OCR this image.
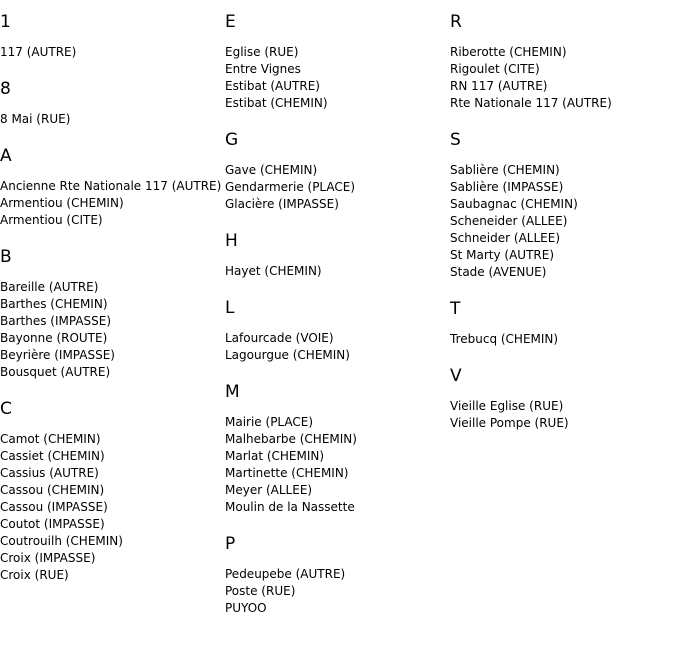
1
117 (AUTRE)
8
8 Mai (RUE)
A
Ancienne Rte Nationale 117 (AUTRE)
Armentiou (CHEMIN)
Armentiou (CITE)
B
Bareille (AUTRE)
Barthes (CHEMIN)
Barthes (IMPASSE)
Bayonne (ROUTE)
Beyrière (IMPASSE)
Bousquet (AUTRE)
C
Camot (CHEMIN)
Cassiet (CHEMIN)
Cassius (AUTRE)
Cassou (CHEMIN)
Cassou (IMPASSE)
Coutot (IMPASSE)
Coutrouilh (CHEMIN)
Croix (IMPASSE)
Croix (RUE)
E
Eglise (RUE)
Entre Vignes
Estibat (AUTRE)
Estibat (CHEMIN)
G
Gave (CHEMIN)
Gendarmerie (PLACE)
Glacière (IMPASSE)
H
Hayet (CHEMIN)
L
Lafourcade (VOIE)
Lagourgue (CHEMIN)
M
Mairie (PLACE)
Malhebarbe (CHEMIN)
Marlat (CHEMIN)
Martinette (CHEMIN)
Meyer (ALLEE)
Moulin de la Nassette
P
Pedeupebe (AUTRE)
Poste (RUE)
PUYOO
R
Riberotte (CHEMIN)
Rigoulet (CITE)
RN 117 (AUTRE)
Rte Nationale 117 (AUTRE)
S
Sablière (CHEMIN)
Sablière (IMPASSE)
Saubagnac (CHEMIN)
Scheneider (ALLEE)
Schneider (ALLEE)
St Marty (AUTRE)
Stade (AVENUE)
T
Trebucq (CHEMIN)
V
Vieille Eglise (RUE)
Vieille Pompe (RUE)
